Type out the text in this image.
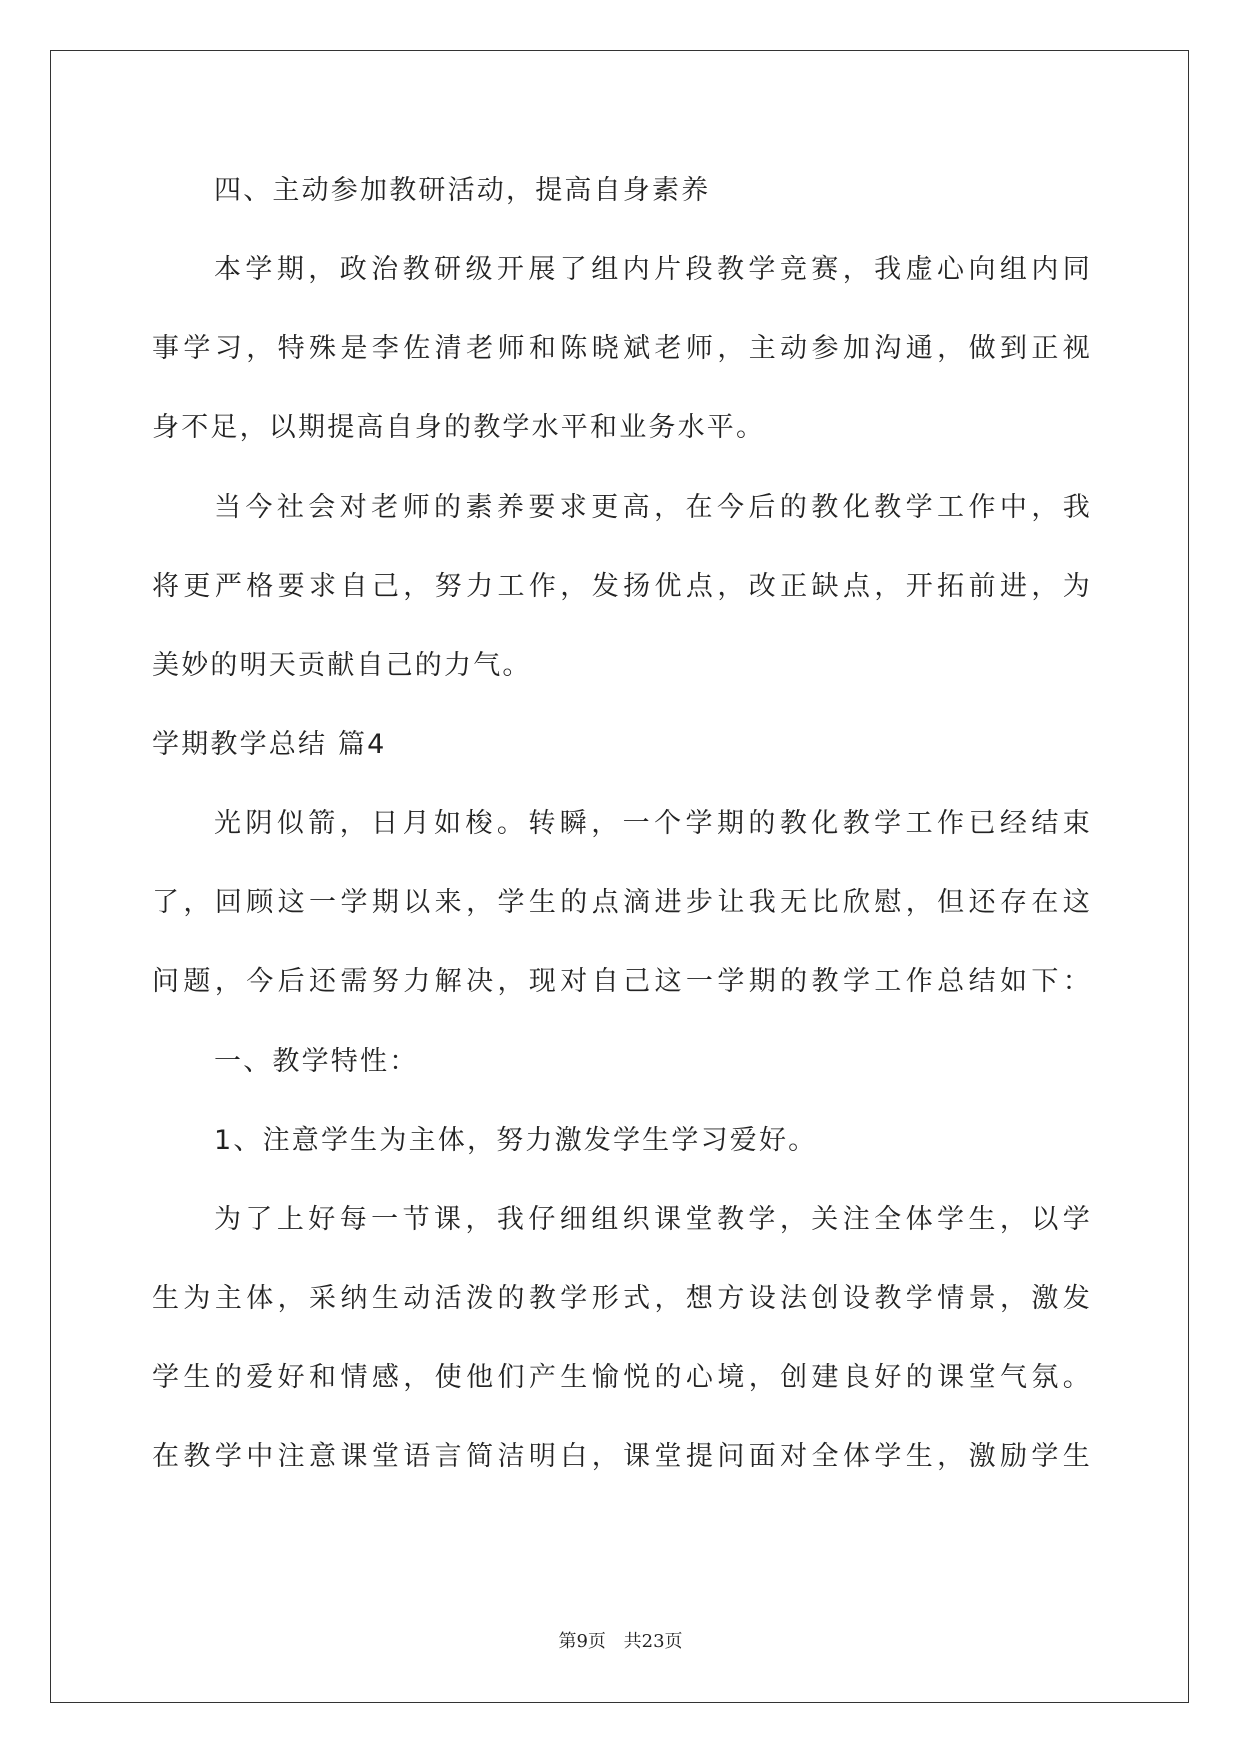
四、主动参加教研活动，提高自身素养
本学期，政治教研级开展了组内片段教学竞赛，我虚心向组内同
事学习，特殊是李佐清老师和陈晓斌老师，主动参加沟通，做到正视
身不足，以期提高自身的教学水平和业务水平。
当今社会对老师的素养要求更高，在今后的教化教学工作中，我
将更严格要求自己，努力工作，发扬优点，改正缺点，开拓前进，为
美妙的明天贡献自己的力气。
学期教学总结 篇4
光阴似箭，日月如梭。转瞬，一个学期的教化教学工作已经结束
了，回顾这一学期以来，学生的点滴进步让我无比欣慰，但还存在这
问题，今后还需努力解决，现对自己这一学期的教学工作总结如下：
一、教学特性：
1、注意学生为主体，努力激发学生学习爱好。
为了上好每一节课，我仔细组织课堂教学，关注全体学生，以学
生为主体，采纳生动活泼的教学形式，想方设法创设教学情景，激发
学生的爱好和情感，使他们产生愉悦的心境，创建良好的课堂气氛。
在教学中注意课堂语言简洁明白，课堂提问面对全体学生，激励学生
第9页 共23页
